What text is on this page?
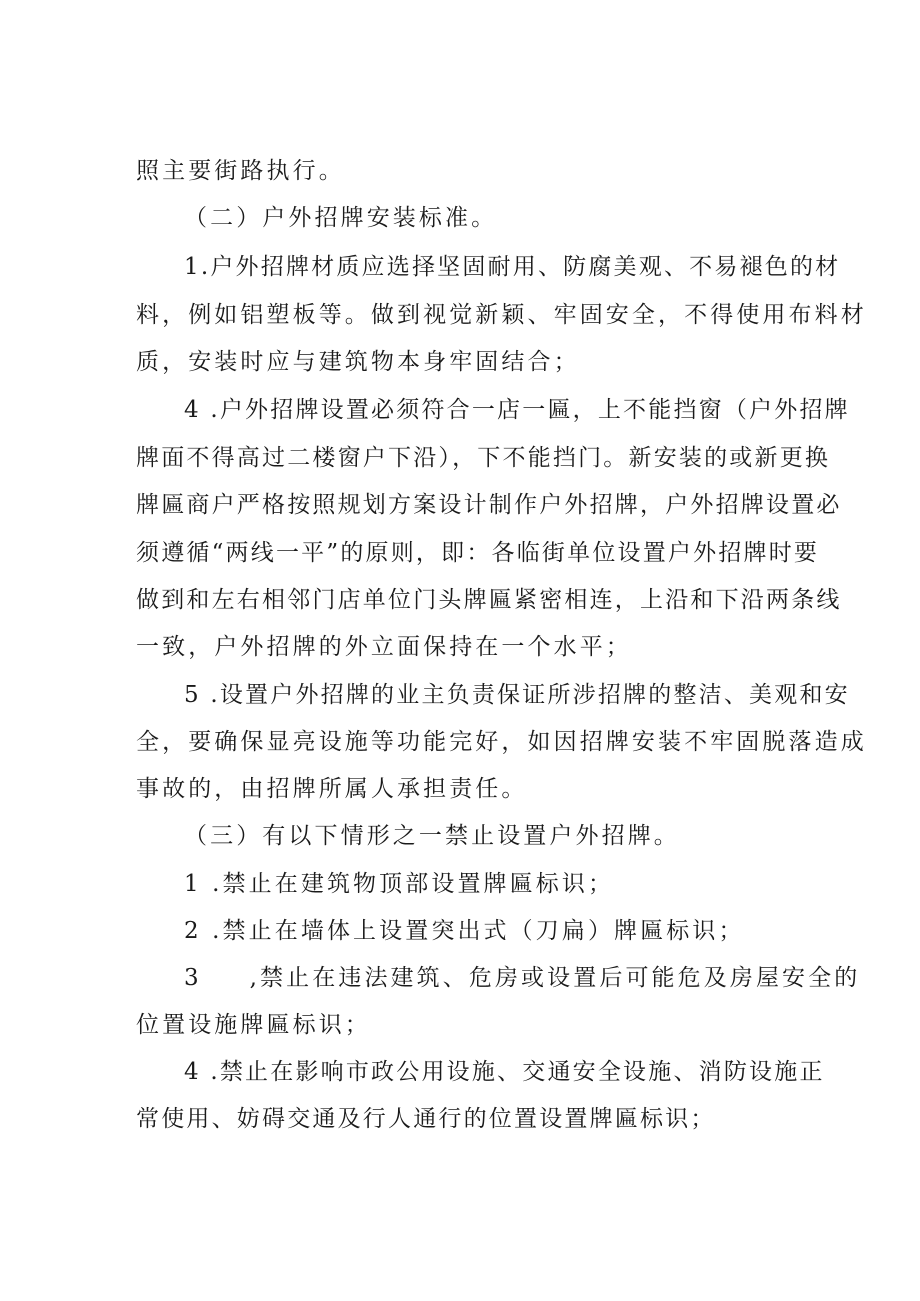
照主要街路执行。
（二）户外招牌安装标准。
1.户外招牌材质应选择坚固耐用、防腐美观、不易褪色的材
料，例如铝塑板等。做到视觉新颖、牢固安全，不得使用布料材
质，安装时应与建筑物本身牢固结合；
4 .户外招牌设置必须符合一店一匾，上不能挡窗（户外招牌
牌面不得高过二楼窗户下沿），下不能挡门。新安装的或新更换
牌匾商户严格按照规划方案设计制作户外招牌，户外招牌设置必
须遵循“两线一平”的原则，即：各临街单位设置户外招牌时要
做到和左右相邻门店单位门头牌匾紧密相连，上沿和下沿两条线
一致，户外招牌的外立面保持在一个水平；
5 .设置户外招牌的业主负责保证所涉招牌的整洁、美观和安
全，要确保显亮设施等功能完好，如因招牌安装不牢固脱落造成
事故的，由招牌所属人承担责任。
（三）有以下情形之一禁止设置户外招牌。
1 .禁止在建筑物顶部设置牌匾标识；
2 .禁止在墙体上设置突出式（刀扁）牌匾标识；
3 ,禁止在违法建筑、危房或设置后可能危及房屋安全的
位置设施牌匾标识；
4 .禁止在影响市政公用设施、交通安全设施、消防设施正
常使用、妨碍交通及行人通行的位置设置牌匾标识；
